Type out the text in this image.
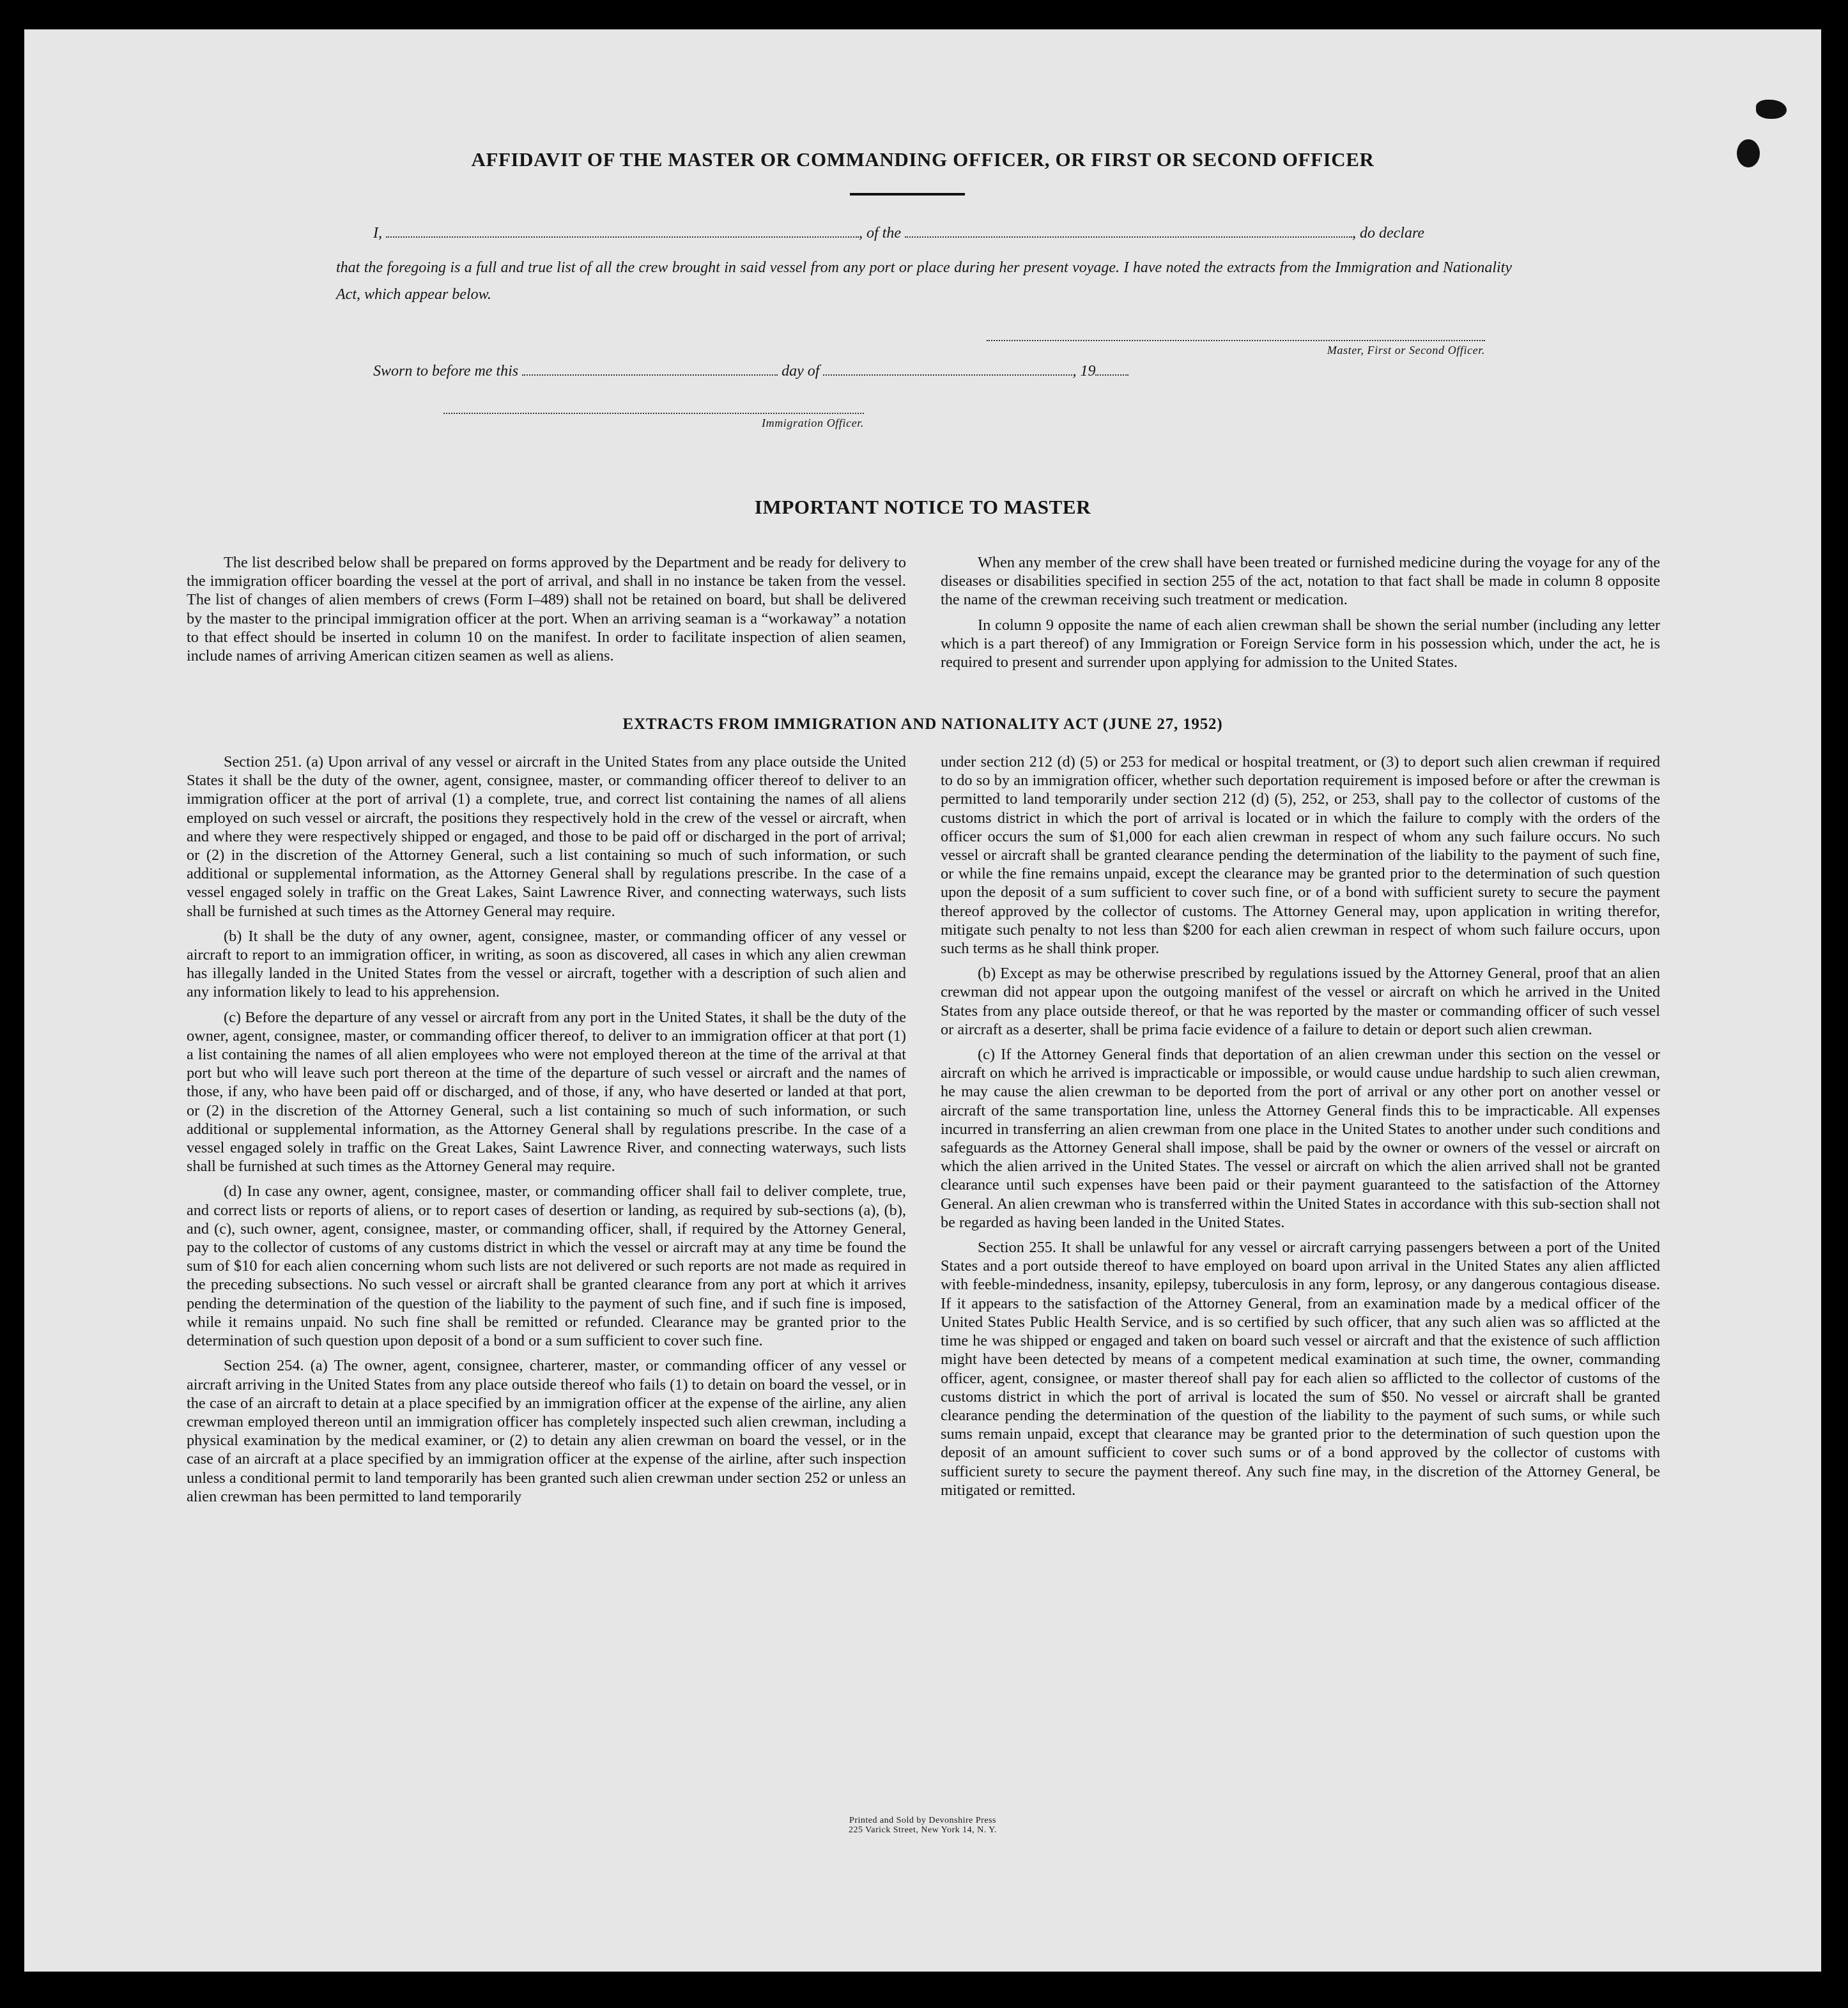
AFFIDAVIT OF THE MASTER OR COMMANDING OFFICER, OR FIRST OR SECOND OFFICER
I,	, of the	, do declare
that the foregoing is a full and true list of all the crew brought in said vessel from any port or place during her present voyage. I have noted the extracts from the Immigration and Nationality Act, which appear below.
Master, First or Second Officer.
Sworn to before me this	day of	, 19
Immigration Officer.
IMPORTANT NOTICE TO MASTER

The list described below shall be prepared on forms approved by the Department and be ready for delivery to the immigration officer boarding the vessel at the port of arrival, and shall in no instance be taken from the vessel. The list of changes of alien members of crews (Form I–489) shall not be retained on board, but shall be delivered by the master to the principal immigration officer at the port. When an arriving seaman is a “workaway” a notation to that effect should be inserted in column 10 on the manifest. In order to facilitate inspection of alien seamen, include names of arriving American citizen seamen as well as aliens.

When any member of the crew shall have been treated or furnished medicine during the voyage for any of the diseases or disabilities specified in section 255 of the act, notation to that fact shall be made in column 8 opposite the name of the crewman receiving such treatment or medication.

In column 9 opposite the name of each alien crewman shall be shown the serial number (including any letter which is a part thereof) of any Immigration or Foreign Service form in his possession which, under the act, he is required to present and surrender upon applying for admission to the United States.

EXTRACTS FROM IMMIGRATION AND NATIONALITY ACT (JUNE 27, 1952)

Section 251. (a) Upon arrival of any vessel or aircraft in the United States from any place outside the United States it shall be the duty of the owner, agent, consignee, master, or commanding officer thereof to deliver to an immigration officer at the port of arrival (1) a complete, true, and correct list containing the names of all aliens employed on such vessel or aircraft, the positions they respectively hold in the crew of the vessel or aircraft, when and where they were respectively shipped or engaged, and those to be paid off or discharged in the port of arrival; or (2) in the discretion of the Attorney General, such a list containing so much of such information, or such additional or supplemental information, as the Attorney General shall by regulations prescribe. In the case of a vessel engaged solely in traffic on the Great Lakes, Saint Lawrence River, and connecting waterways, such lists shall be furnished at such times as the Attorney General may require.

(b) It shall be the duty of any owner, agent, consignee, master, or commanding officer of any vessel or aircraft to report to an immigration officer, in writing, as soon as discovered, all cases in which any alien crewman has illegally landed in the United States from the vessel or aircraft, together with a description of such alien and any information likely to lead to his apprehension.

(c) Before the departure of any vessel or aircraft from any port in the United States, it shall be the duty of the owner, agent, consignee, master, or commanding officer thereof, to deliver to an immigration officer at that port (1) a list containing the names of all alien employees who were not employed thereon at the time of the arrival at that port but who will leave such port thereon at the time of the departure of such vessel or aircraft and the names of those, if any, who have been paid off or discharged, and of those, if any, who have deserted or landed at that port, or (2) in the discretion of the Attorney General, such a list containing so much of such information, or such additional or supplemental information, as the Attorney General shall by regulations prescribe. In the case of a vessel engaged solely in traffic on the Great Lakes, Saint Lawrence River, and connecting waterways, such lists shall be furnished at such times as the Attorney General may require.

(d) In case any owner, agent, consignee, master, or commanding officer shall fail to deliver complete, true, and correct lists or reports of aliens, or to report cases of desertion or landing, as required by sub-sections (a), (b), and (c), such owner, agent, consignee, master, or commanding officer, shall, if required by the Attorney General, pay to the collector of customs of any customs district in which the vessel or aircraft may at any time be found the sum of $10 for each alien concerning whom such lists are not delivered or such reports are not made as required in the preceding subsections. No such vessel or aircraft shall be granted clearance from any port at which it arrives pending the determination of the question of the liability to the payment of such fine, and if such fine is imposed, while it remains unpaid. No such fine shall be remitted or refunded. Clearance may be granted prior to the determination of such question upon deposit of a bond or a sum sufficient to cover such fine.

Section 254. (a) The owner, agent, consignee, charterer, master, or commanding officer of any vessel or aircraft arriving in the United States from any place outside thereof who fails (1) to detain on board the vessel, or in the case of an aircraft to detain at a place specified by an immigration officer at the expense of the airline, any alien crewman employed thereon until an immigration officer has completely inspected such alien crewman, including a physical examination by the medical examiner, or (2) to detain any alien crewman on board the vessel, or in the case of an aircraft at a place specified by an immigration officer at the expense of the airline, after such inspection unless a conditional permit to land temporarily has been granted such alien crewman under section 252 or unless an alien crewman has been permitted to land temporarily

under section 212 (d) (5) or 253 for medical or hospital treatment, or (3) to deport such alien crewman if required to do so by an immigration officer, whether such deportation requirement is imposed before or after the crewman is permitted to land temporarily under section 212 (d) (5), 252, or 253, shall pay to the collector of customs of the customs district in which the port of arrival is located or in which the failure to comply with the orders of the officer occurs the sum of $1,000 for each alien crewman in respect of whom any such failure occurs. No such vessel or aircraft shall be granted clearance pending the determination of the liability to the payment of such fine, or while the fine remains unpaid, except the clearance may be granted prior to the determination of such question upon the deposit of a sum sufficient to cover such fine, or of a bond with sufficient surety to secure the payment thereof approved by the collector of customs. The Attorney General may, upon application in writing therefor, mitigate such penalty to not less than $200 for each alien crewman in respect of whom such failure occurs, upon such terms as he shall think proper.

(b) Except as may be otherwise prescribed by regulations issued by the Attorney General, proof that an alien crewman did not appear upon the outgoing manifest of the vessel or aircraft on which he arrived in the United States from any place outside thereof, or that he was reported by the master or commanding officer of such vessel or aircraft as a deserter, shall be prima facie evidence of a failure to detain or deport such alien crewman.

(c) If the Attorney General finds that deportation of an alien crewman under this section on the vessel or aircraft on which he arrived is impracticable or impossible, or would cause undue hardship to such alien crewman, he may cause the alien crewman to be deported from the port of arrival or any other port on another vessel or aircraft of the same transportation line, unless the Attorney General finds this to be impracticable. All expenses incurred in transferring an alien crewman from one place in the United States to another under such conditions and safeguards as the Attorney General shall impose, shall be paid by the owner or owners of the vessel or aircraft on which the alien arrived in the United States. The vessel or aircraft on which the alien arrived shall not be granted clearance until such expenses have been paid or their payment guaranteed to the satisfaction of the Attorney General. An alien crewman who is transferred within the United States in accordance with this sub-section shall not be regarded as having been landed in the United States.

Section 255. It shall be unlawful for any vessel or aircraft carrying passengers between a port of the United States and a port outside thereof to have employed on board upon arrival in the United States any alien afflicted with feeble-mindedness, insanity, epilepsy, tuberculosis in any form, leprosy, or any dangerous contagious disease. If it appears to the satisfaction of the Attorney General, from an examination made by a medical officer of the United States Public Health Service, and is so certified by such officer, that any such alien was so afflicted at the time he was shipped or engaged and taken on board such vessel or aircraft and that the existence of such affliction might have been detected by means of a competent medical examination at such time, the owner, commanding officer, agent, consignee, or master thereof shall pay for each alien so afflicted to the collector of customs of the customs district in which the port of arrival is located the sum of $50. No vessel or aircraft shall be granted clearance pending the determination of the question of the liability to the payment of such sums, or while such sums remain unpaid, except that clearance may be granted prior to the determination of such question upon the deposit of an amount sufficient to cover such sums or of a bond approved by the collector of customs with sufficient surety to secure the payment thereof. Any such fine may, in the discretion of the Attorney General, be mitigated or remitted.

Printed and Sold by Devonshire Press
225 Varick Street, New York 14, N. Y.
